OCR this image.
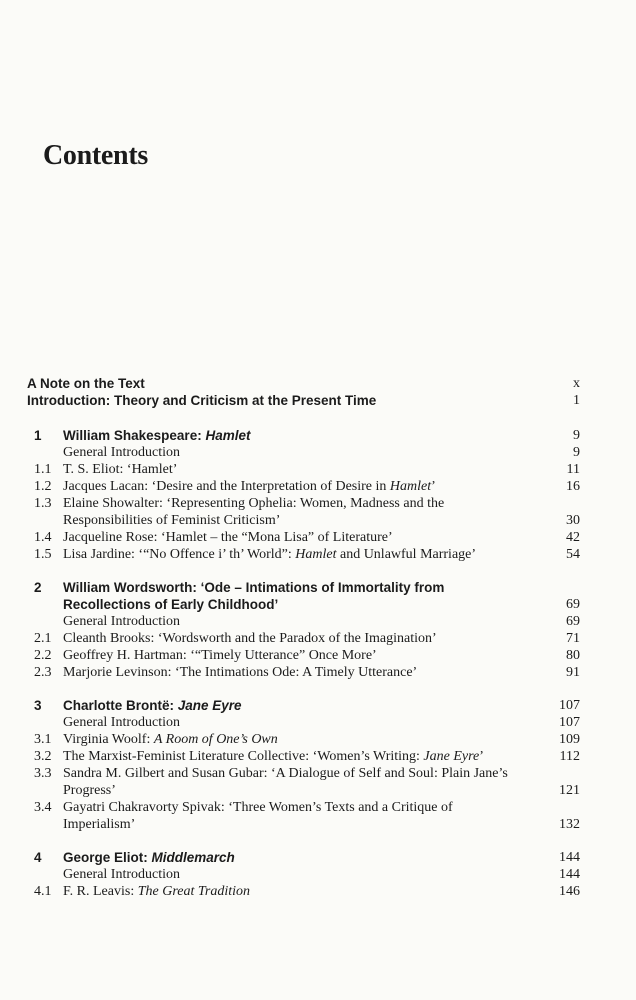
Contents
A Note on the Text	x
Introduction: Theory and Criticism at the Present Time	1
1 William Shakespeare: Hamlet	9
General Introduction	9
1.1 T. S. Eliot: ‘Hamlet’	11
1.2 Jacques Lacan: ‘Desire and the Interpretation of Desire in Hamlet’	16
1.3 Elaine Showalter: ‘Representing Ophelia: Women, Madness and the
Responsibilities of Feminist Criticism’	30
1.4 Jacqueline Rose: ‘Hamlet – the “Mona Lisa” of Literature’	42
1.5 Lisa Jardine: ‘“No Offence i’ th’ World”: Hamlet and Unlawful Marriage’	54
2 William Wordsworth: ‘Ode – Intimations of Immortality from
Recollections of Early Childhood’	69
General Introduction	69
2.1 Cleanth Brooks: ‘Wordsworth and the Paradox of the Imagination’	71
2.2 Geoffrey H. Hartman: ‘“Timely Utterance” Once More’	80
2.3 Marjorie Levinson: ‘The Intimations Ode: A Timely Utterance’	91
3 Charlotte Brontë: Jane Eyre	107
General Introduction	107
3.1 Virginia Woolf: A Room of One’s Own	109
3.2 The Marxist-Feminist Literature Collective: ‘Women’s Writing: Jane Eyre’	112
3.3 Sandra M. Gilbert and Susan Gubar: ‘A Dialogue of Self and Soul: Plain Jane’s
Progress’	121
3.4 Gayatri Chakravorty Spivak: ‘Three Women’s Texts and a Critique of
Imperialism’	132
4 George Eliot: Middlemarch	144
General Introduction	144
4.1 F. R. Leavis: The Great Tradition	146
